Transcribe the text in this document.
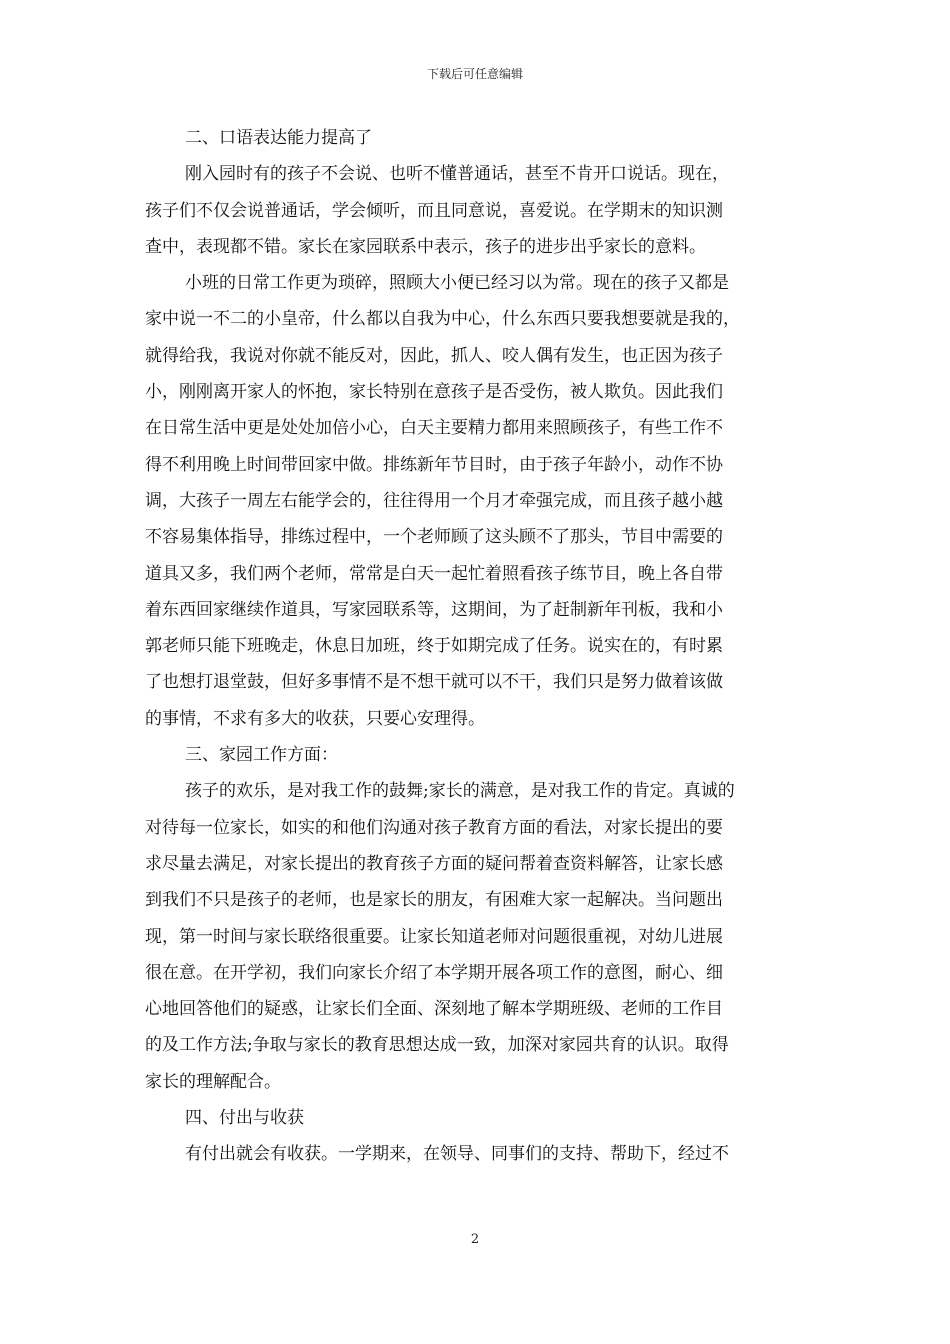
下载后可任意编辑
二、口语表达能力提高了
刚入园时有的孩子不会说、也听不懂普通话，甚至不肯开口说话。现在，
孩子们不仅会说普通话，学会倾听，而且同意说，喜爱说。在学期末的知识测
查中，表现都不错。家长在家园联系中表示，孩子的进步出乎家长的意料。
小班的日常工作更为琐碎，照顾大小便已经习以为常。现在的孩子又都是
家中说一不二的小皇帝，什么都以自我为中心，什么东西只要我想要就是我的，
就得给我，我说对你就不能反对，因此，抓人、咬人偶有发生，也正因为孩子
小，刚刚离开家人的怀抱，家长特别在意孩子是否受伤，被人欺负。因此我们
在日常生活中更是处处加倍小心，白天主要精力都用来照顾孩子，有些工作不
得不利用晚上时间带回家中做。排练新年节目时，由于孩子年龄小，动作不协
调，大孩子一周左右能学会的，往往得用一个月才牵强完成，而且孩子越小越
不容易集体指导，排练过程中，一个老师顾了这头顾不了那头，节目中需要的
道具又多，我们两个老师，常常是白天一起忙着照看孩子练节目，晚上各自带
着东西回家继续作道具，写家园联系等，这期间，为了赶制新年刊板，我和小
郭老师只能下班晚走，休息日加班，终于如期完成了任务。说实在的，有时累
了也想打退堂鼓，但好多事情不是不想干就可以不干，我们只是努力做着该做
的事情，不求有多大的收获，只要心安理得。
三、家园工作方面：
孩子的欢乐，是对我工作的鼓舞;家长的满意，是对我工作的肯定。真诚的
对待每一位家长，如实的和他们沟通对孩子教育方面的看法，对家长提出的要
求尽量去满足，对家长提出的教育孩子方面的疑问帮着查资料解答，让家长感
到我们不只是孩子的老师，也是家长的朋友，有困难大家一起解决。当问题出
现，第一时间与家长联络很重要。让家长知道老师对问题很重视，对幼儿进展
很在意。在开学初，我们向家长介绍了本学期开展各项工作的意图，耐心、细
心地回答他们的疑惑，让家长们全面、深刻地了解本学期班级、老师的工作目
的及工作方法;争取与家长的教育思想达成一致，加深对家园共育的认识。取得
家长的理解配合。
四、付出与收获
有付出就会有收获。一学期来，在领导、同事们的支持、帮助下，经过不
2
